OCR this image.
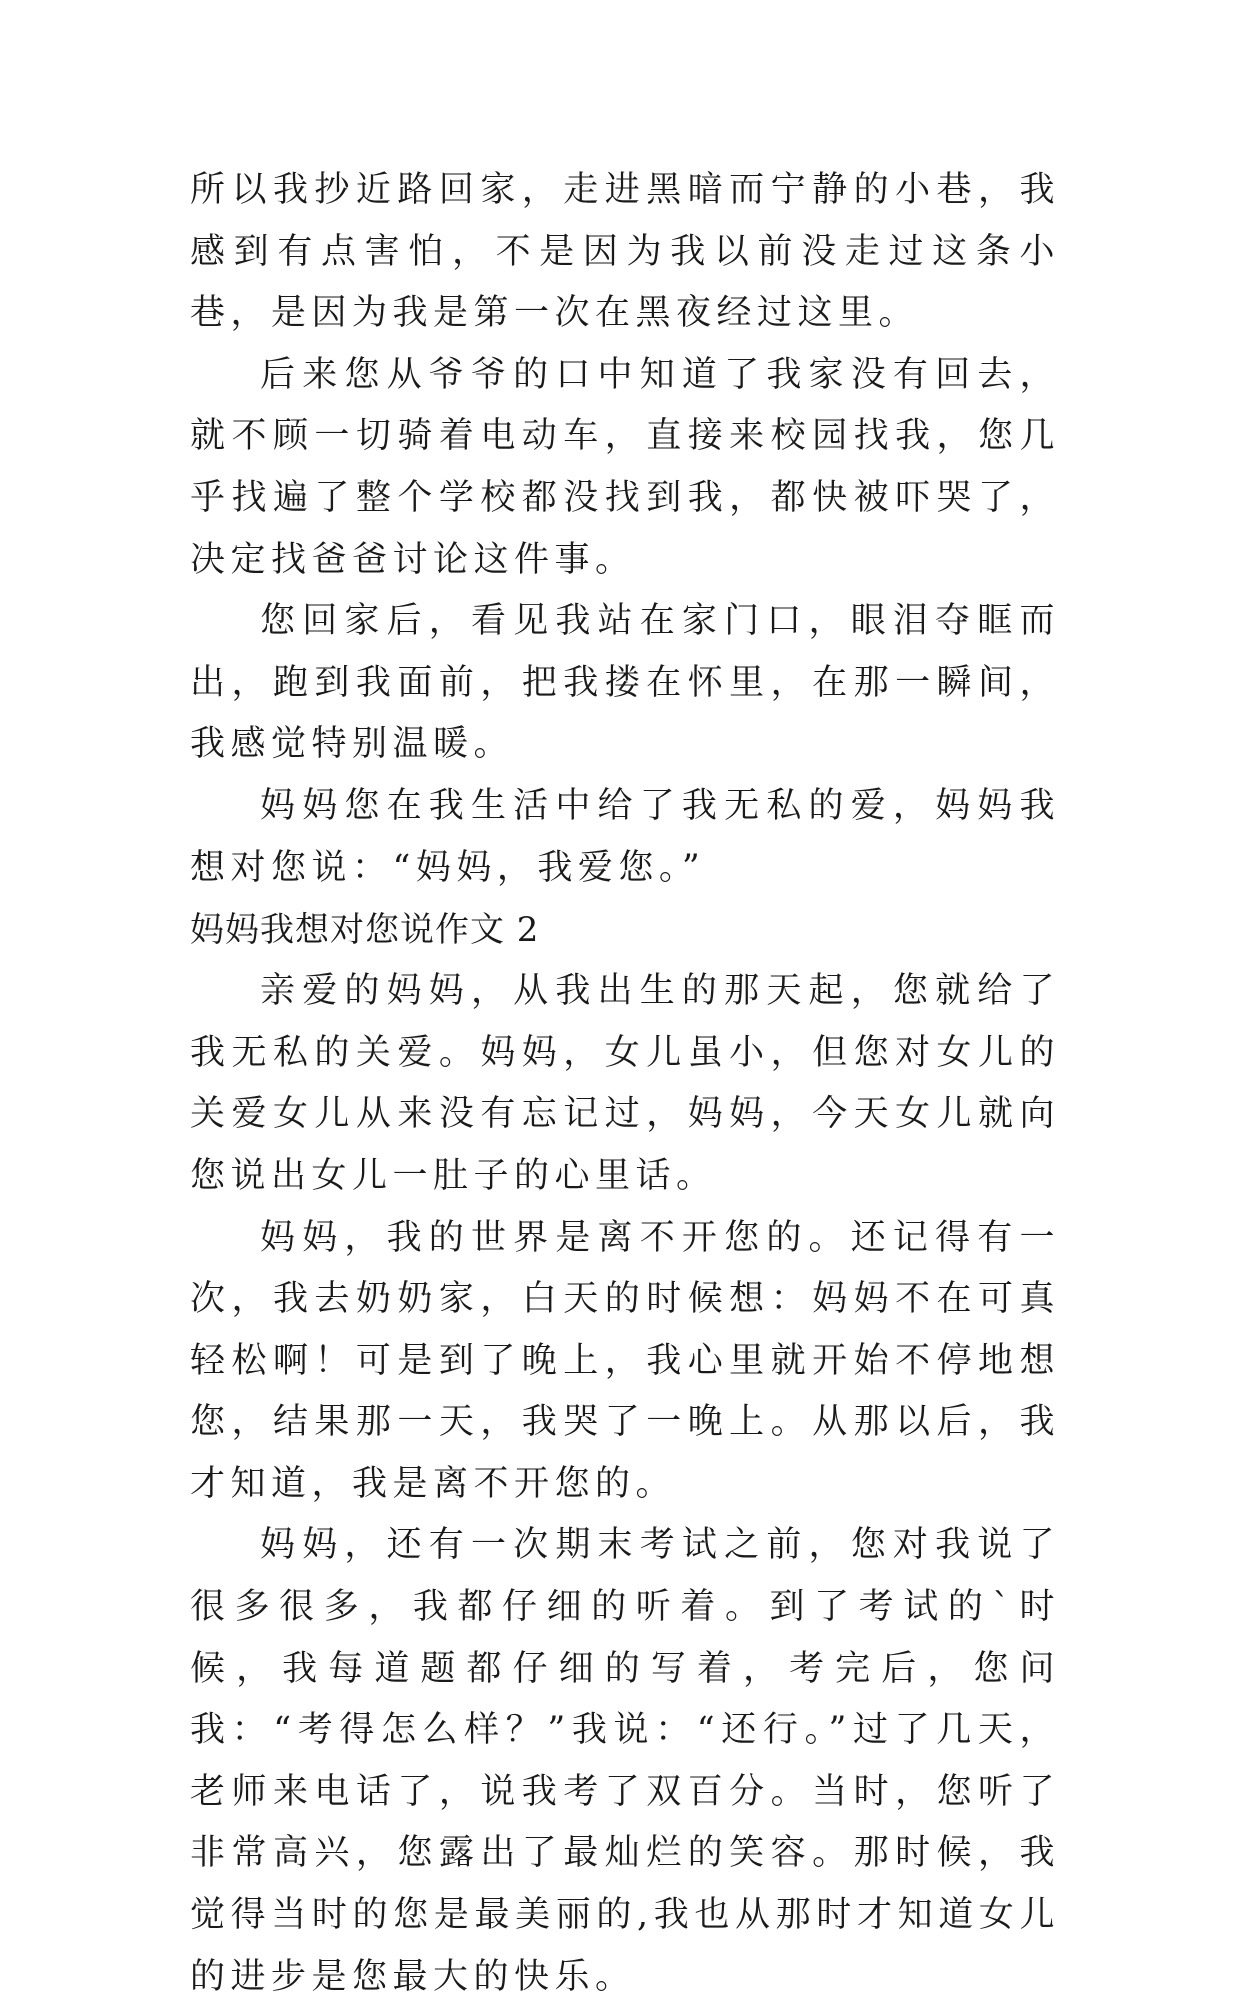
所以我抄近路回家，走进黑暗而宁静的小巷，我感到有点害怕，不是因为我以前没走过这条小巷，是因为我是第一次在黑夜经过这里。

后来您从爷爷的口中知道了我家没有回去，就不顾一切骑着电动车，直接来校园找我，您几乎找遍了整个学校都没找到我，都快被吓哭了，决定找爸爸讨论这件事。

您回家后，看见我站在家门口，眼泪夺眶而出，跑到我面前，把我搂在怀里，在那一瞬间，我感觉特别温暖。

妈妈您在我生活中给了我无私的爱，妈妈我想对您说：“妈妈，我爱您。”

妈妈我想对您说作文 2

亲爱的妈妈，从我出生的那天起，您就给了我无私的关爱。妈妈，女儿虽小，但您对女儿的关爱女儿从来没有忘记过，妈妈，今天女儿就向您说出女儿一肚子的心里话。

妈妈，我的世界是离不开您的。还记得有一次，我去奶奶家，白天的时候想：妈妈不在可真轻松啊！可是到了晚上，我心里就开始不停地想您，结果那一天，我哭了一晚上。从那以后，我才知道，我是离不开您的。

妈妈，还有一次期末考试之前，您对我说了很多很多，我都仔细的听着。到了考试的`时候，我每道题都仔细的写着，考完后，您问我：“考得怎么样？”我说：“还行。”过了几天，老师来电话了，说我考了双百分。当时，您听了非常高兴，您露出了最灿烂的笑容。那时候，我觉得当时的您是最美丽的,我也从那时才知道女儿的进步是您最大的快乐。
